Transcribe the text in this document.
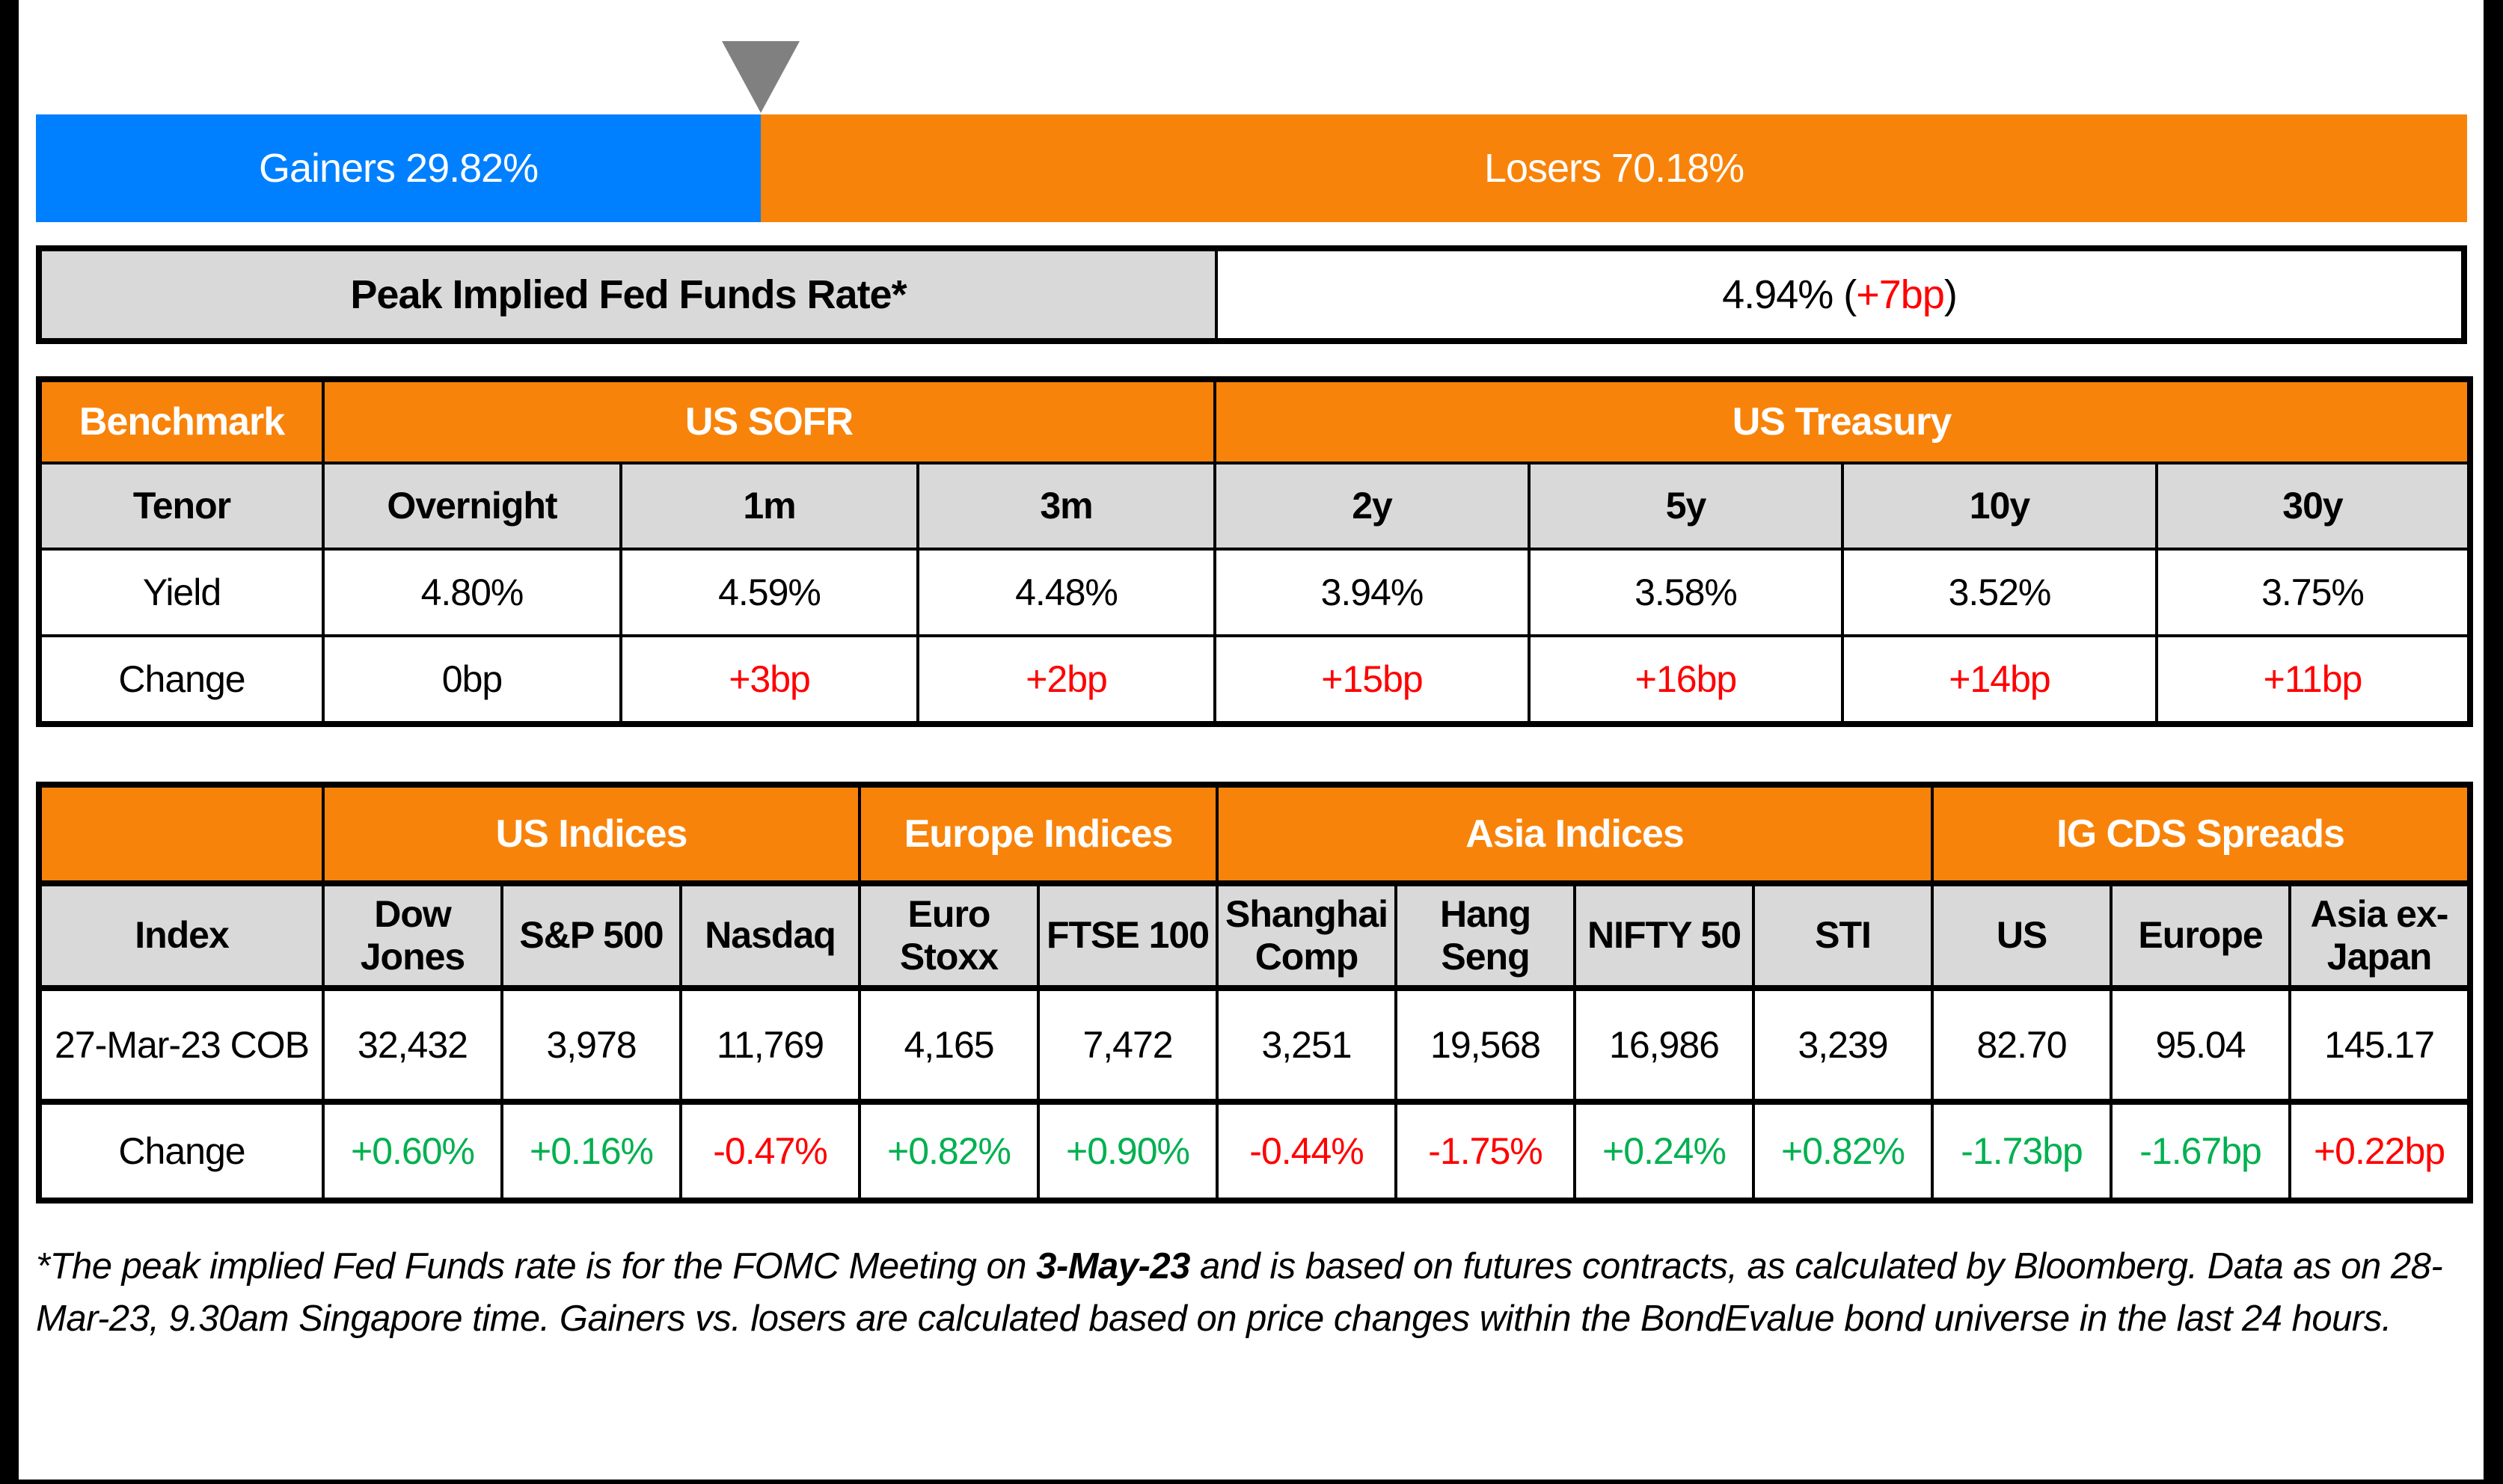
Gainers 29.82%	Losers 70.18%
Peak Implied Fed Funds Rate*	4.94% ( +7bp )
Benchmark	US SOFR			US Treasury			
Tenor	Overnight	1m	3m	2y	5y	10y	30y
Yield	4.80%	4.59%	4.48%	3.94%	3.58%	3.52%	3.75%
Change	0bp	+3bp	+2bp	+15bp	+16bp	+14bp	+11bp
	US Indices			Europe Indices		Asia Indices				IG CDS Spreads		
Index	Dow Jones	S&P 500	Nasdaq	Euro Stoxx	FTSE 100	Shanghai Comp	Hang Seng	NIFTY 50	STI	US	Europe	Asia ex-Japan
27-Mar-23 COB	32,432	3,978	11,769	4,165	7,472	3,251	19,568	16,986	3,239	82.70	95.04	145.17
Change	+0.60%	+0.16%	-0.47%	+0.82%	+0.90%	-0.44%	-1.75%	+0.24%	+0.82%	-1.73bp	-1.67bp	+0.22bp
*The peak implied Fed Funds rate is for the FOMC Meeting on 3-May-23 and is based on futures contracts, as calculated by Bloomberg. Data as on 28-Mar-23, 9.30am Singapore time. Gainers vs. losers are calculated based on price changes within the BondEvalue bond universe in the last 24 hours.
